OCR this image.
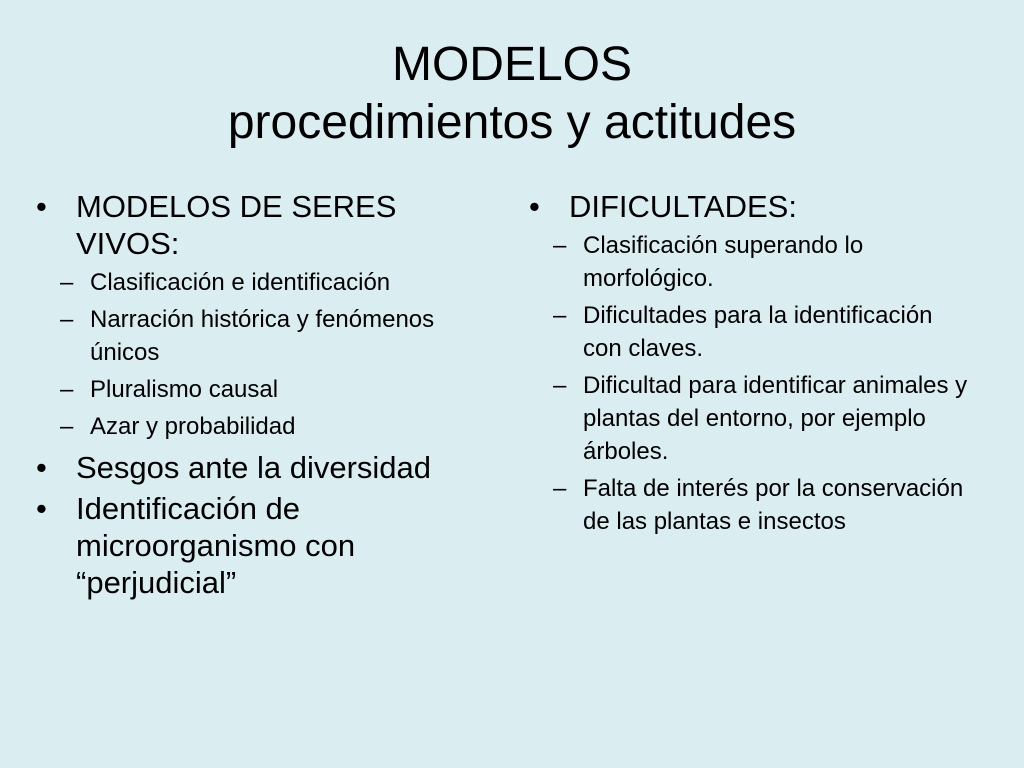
MODELOS
procedimientos y actitudes
• MODELOS DE SERES VIVOS:
– Clasificación e identificación
– Narración histórica y fenómenos únicos
– Pluralismo causal
– Azar y probabilidad
• Sesgos ante la diversidad
• Identificación de microorganismo con “perjudicial”
• DIFICULTADES:
– Clasificación superando lo morfológico.
– Dificultades para la identificación con claves.
– Dificultad para identificar animales y plantas del entorno, por ejemplo árboles.
– Falta de interés por la conservación de las plantas e insectos
